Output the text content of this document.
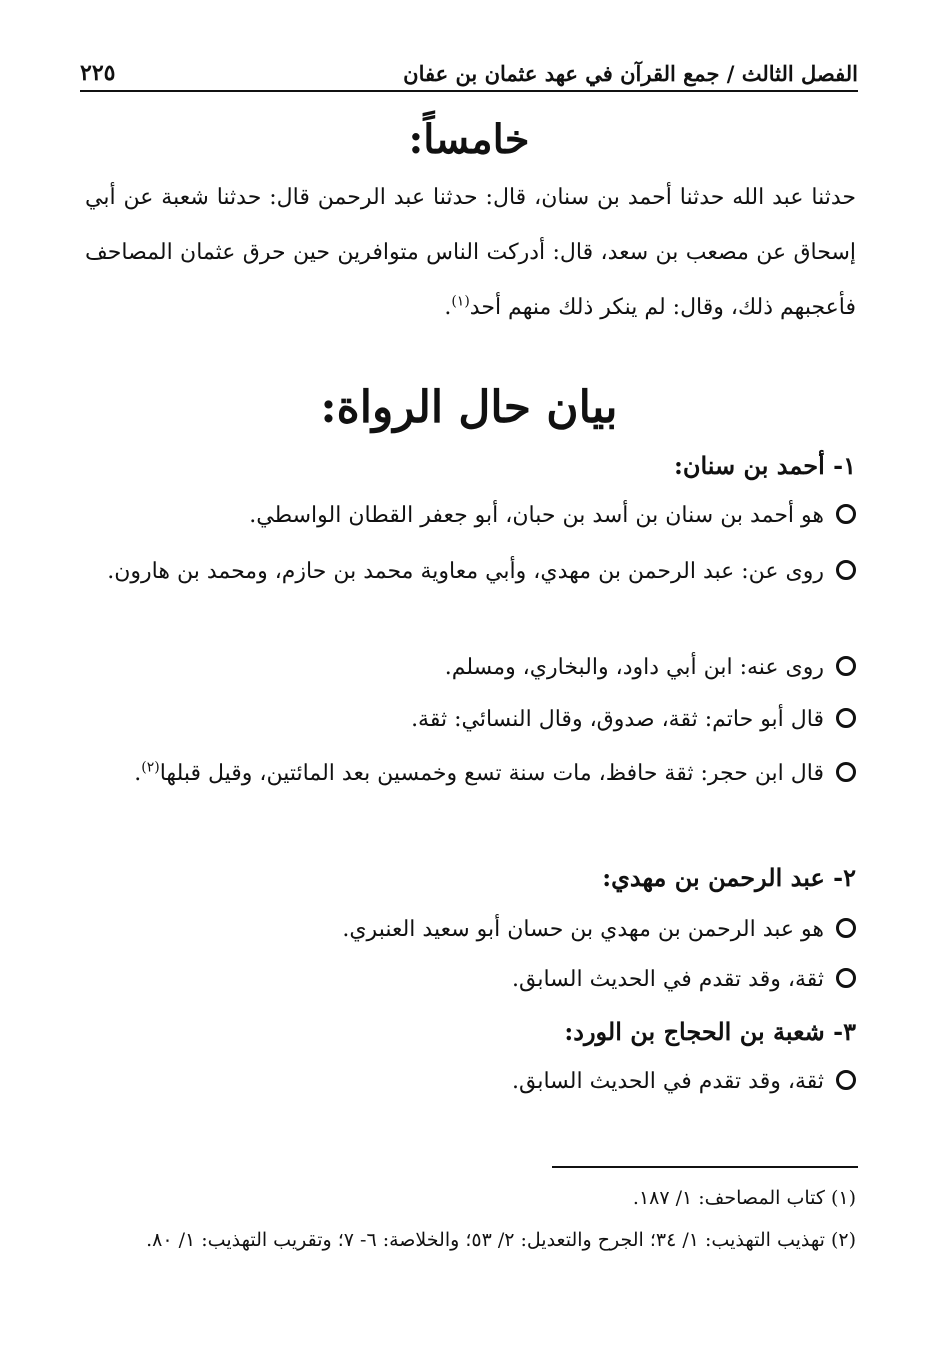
الفصل الثالث / جمع القرآن في عهد عثمان بن عفان
٢٢٥
خامساً:
حدثنا عبد الله حدثنا أحمد بن سنان، قال: حدثنا عبد الرحمن قال: حدثنا شعبة عن أبي إسحاق عن مصعب بن سعد، قال: أدركت الناس متوافرين حين حرق عثمان المصاحف فأعجبهم ذلك، وقال: لم ينكر ذلك منهم أحد$^{(١)}$.
بيان حال الرواة:
١- أحمد بن سنان:
هو أحمد بن سنان بن أسد بن حبان، أبو جعفر القطان الواسطي.
روى عن: عبد الرحمن بن مهدي، وأبي معاوية محمد بن حازم، ومحمد بن هارون.
روى عنه: ابن أبي داود، والبخاري، ومسلم.
قال أبو حاتم: ثقة، صدوق، وقال النسائي: ثقة.
قال ابن حجر: ثقة حافظ، مات سنة تسع وخمسين بعد المائتين، وقيل قبلها$^{(٢)}$.
٢- عبد الرحمن بن مهدي:
هو عبد الرحمن بن مهدي بن حسان أبو سعيد العنبري.
ثقة، وقد تقدم في الحديث السابق.
٣- شعبة بن الحجاج بن الورد:
ثقة، وقد تقدم في الحديث السابق.
(١) كتاب المصاحف: ١/ ١٨٧.
(٢) تهذيب التهذيب: ١/ ٣٤؛ الجرح والتعديل: ٢/ ٥٣؛ والخلاصة: ٦- ٧؛ وتقريب التهذيب: ١/ ٨٠.
